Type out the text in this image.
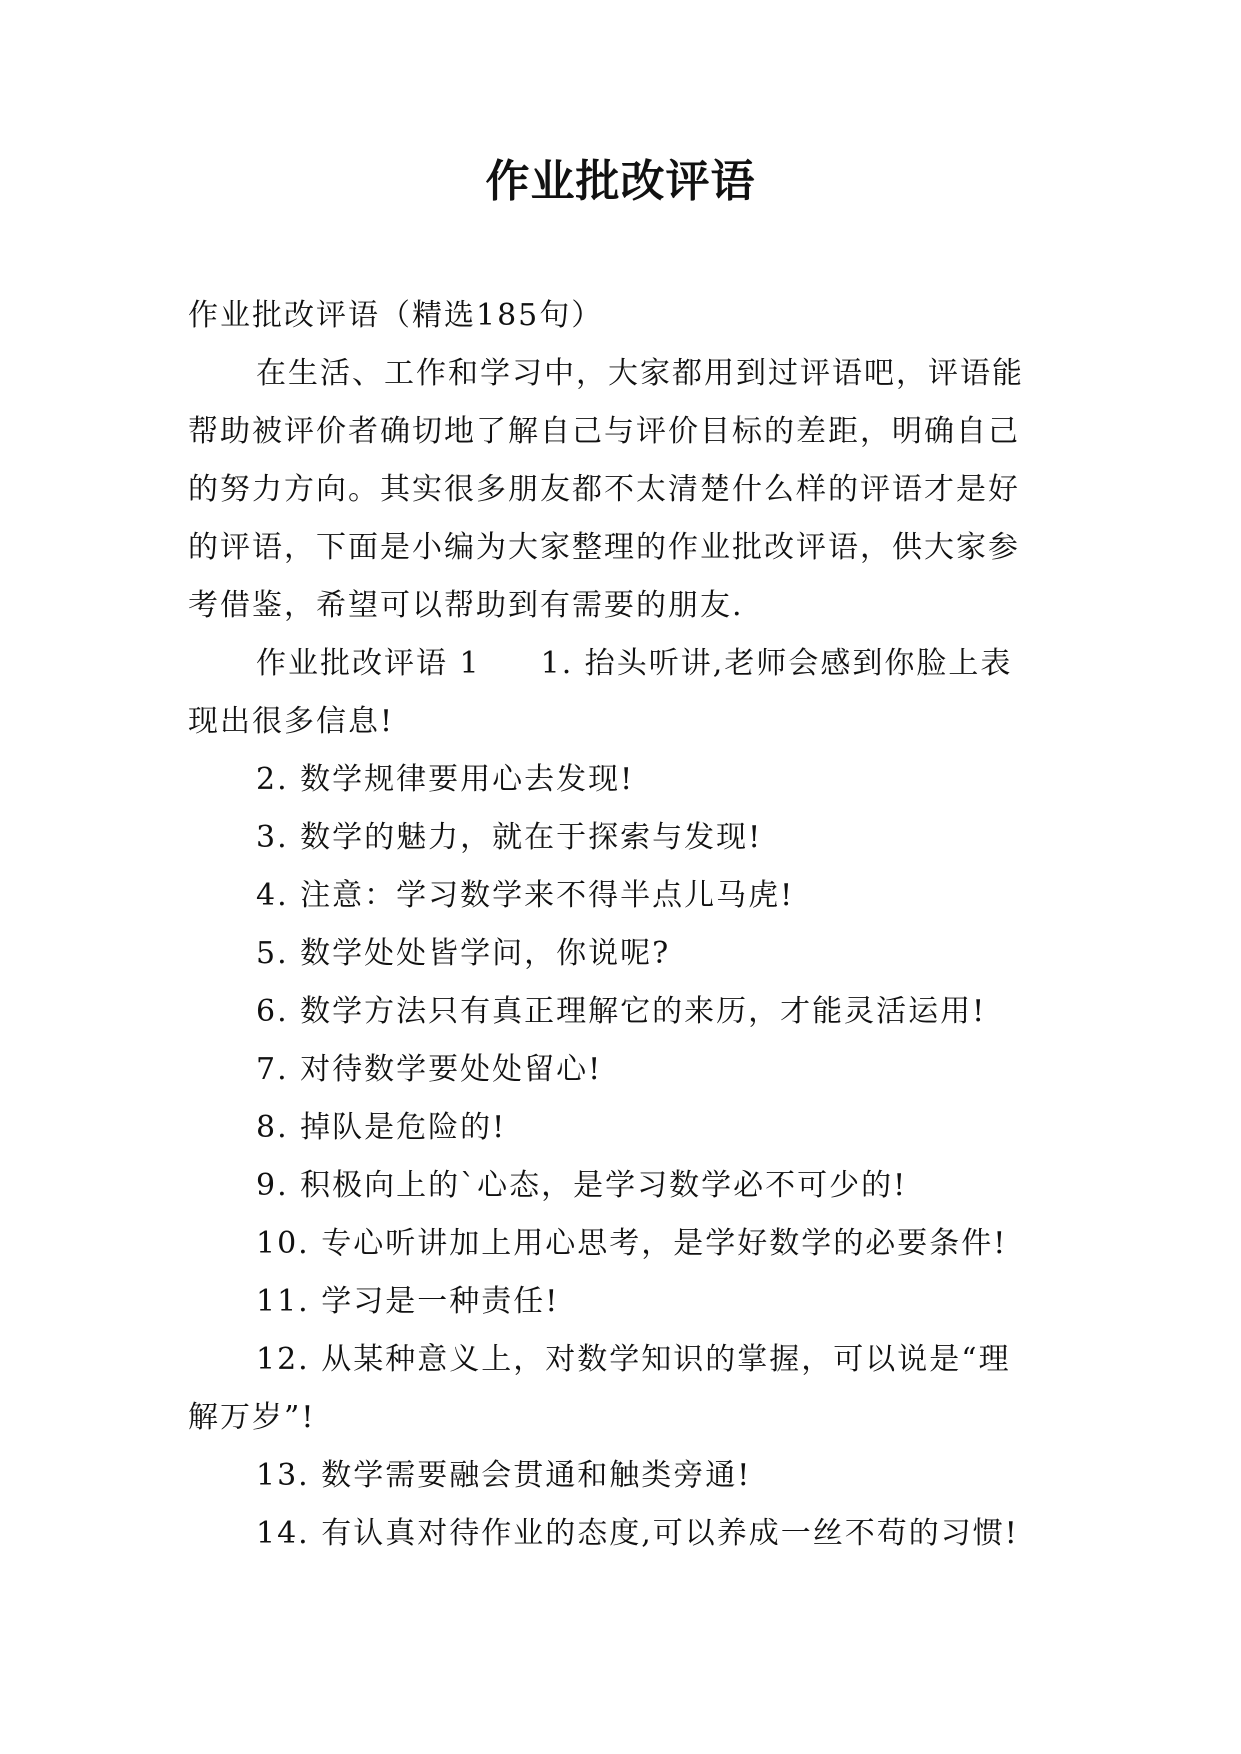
作业批改评语
作业批改评语（精选185句）
在生活、工作和学习中，大家都用到过评语吧，评语能
帮助被评价者确切地了解自己与评价目标的差距，明确自己
的努力方向。其实很多朋友都不太清楚什么样的评语才是好
的评语，下面是小编为大家整理的作业批改评语，供大家参
考借鉴，希望可以帮助到有需要的朋友.
作业批改评语 1 1. 抬头听讲,老师会感到你脸上表
现出很多信息!
2. 数学规律要用心去发现!
3. 数学的魅力，就在于探索与发现!
4. 注意：学习数学来不得半点儿马虎!
5. 数学处处皆学问，你说呢?
6. 数学方法只有真正理解它的来历，才能灵活运用!
7. 对待数学要处处留心!
8. 掉队是危险的!
9. 积极向上的`心态，是学习数学必不可少的!
10. 专心听讲加上用心思考，是学好数学的必要条件!
11. 学习是一种责任!
12. 从某种意义上，对数学知识的掌握，可以说是“理
解万岁”!
13. 数学需要融会贯通和触类旁通!
14. 有认真对待作业的态度,可以养成一丝不苟的习惯!
